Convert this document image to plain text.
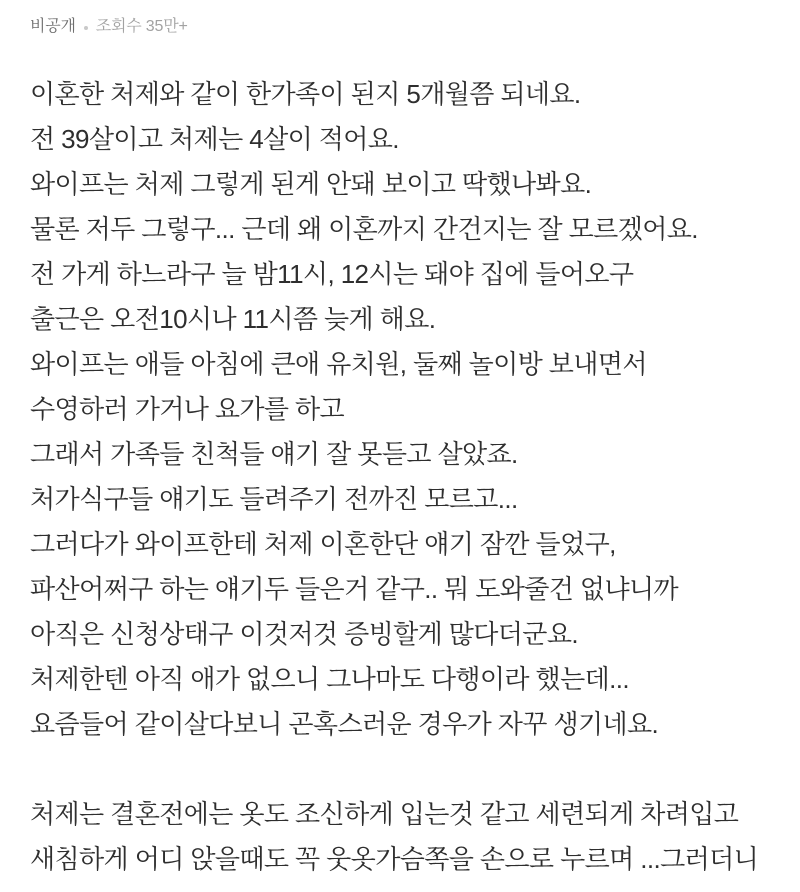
비공개 조회수 35만+
이혼한 처제와 같이 한가족이 된지 5개월쯤 되네요.
전 39살이고 처제는 4살이 적어요.
와이프는 처제 그렇게 된게 안돼 보이고 딱했나봐요.
물론 저두 그렇구... 근데 왜 이혼까지 간건지는 잘 모르겠어요.
전 가게 하느라구 늘 밤11시, 12시는 돼야 집에 들어오구
출근은 오전10시나 11시쯤 늦게 해요.
와이프는 애들 아침에 큰애 유치원, 둘째 놀이방 보내면서
수영하러 가거나 요가를 하고
그래서 가족들 친척들 얘기 잘 못듣고 살았죠.
처가식구들 얘기도 들려주기 전까진 모르고...
그러다가 와이프한테 처제 이혼한단 얘기 잠깐 들었구,
파산어쩌구 하는 얘기두 들은거 같구.. 뭐 도와줄건 없냐니까
아직은 신청상태구 이것저것 증빙할게 많다더군요.
처제한텐 아직 애가 없으니 그나마도 다행이라 했는데...
요즘들어 같이살다보니 곤혹스러운 경우가 자꾸 생기네요.
처제는 결혼전에는 옷도 조신하게 입는것 같고 세련되게 차려입고
새침하게 어디 앉을때도 꼭 웃옷가슴쪽을 손으로 누르며 ...그러더니
